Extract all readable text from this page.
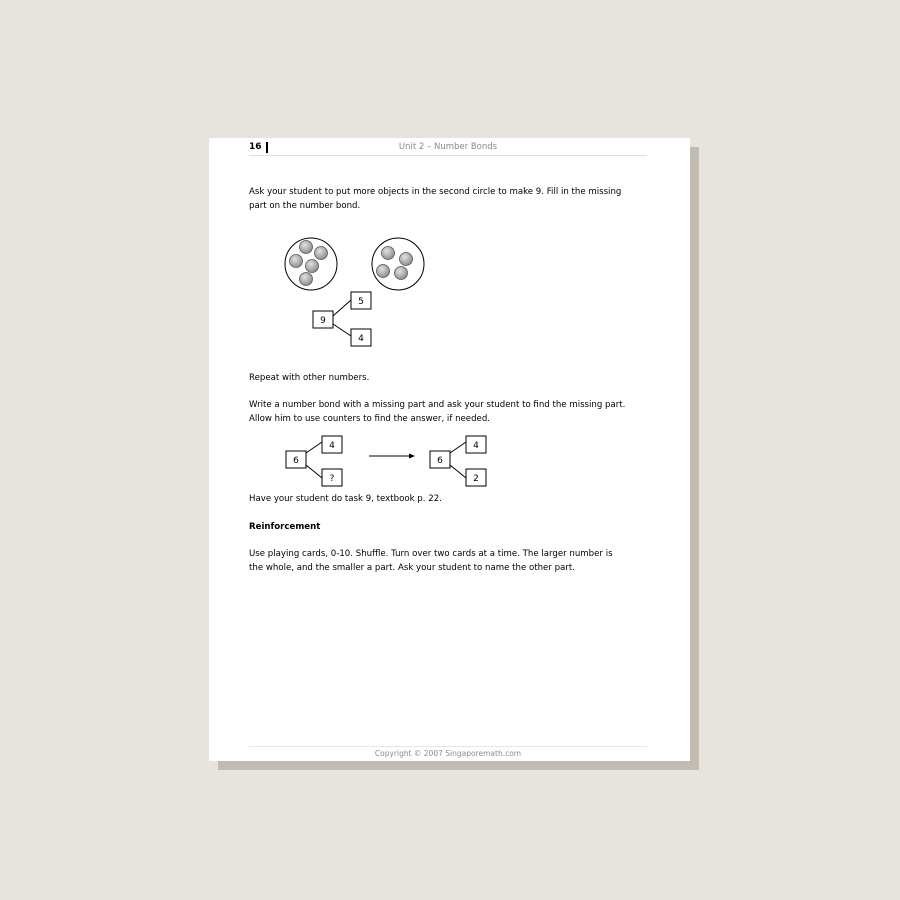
16	Unit 2 – Number Bonds
Ask your student to put more objects in the second circle to make 9. Fill in the missing
part on the number bond.
9
5
4
Repeat with other numbers.
Write a number bond with a missing part and ask your student to find the missing part.
Allow him to use counters to find the answer, if needed.
6
4
?
6
4
2
Have your student do task 9, textbook p. 22.
Reinforcement
Use playing cards, 0-10. Shuffle. Turn over two cards at a time. The larger number is
the whole, and the smaller a part. Ask your student to name the other part.
Copyright © 2007 Singaporemath.com
